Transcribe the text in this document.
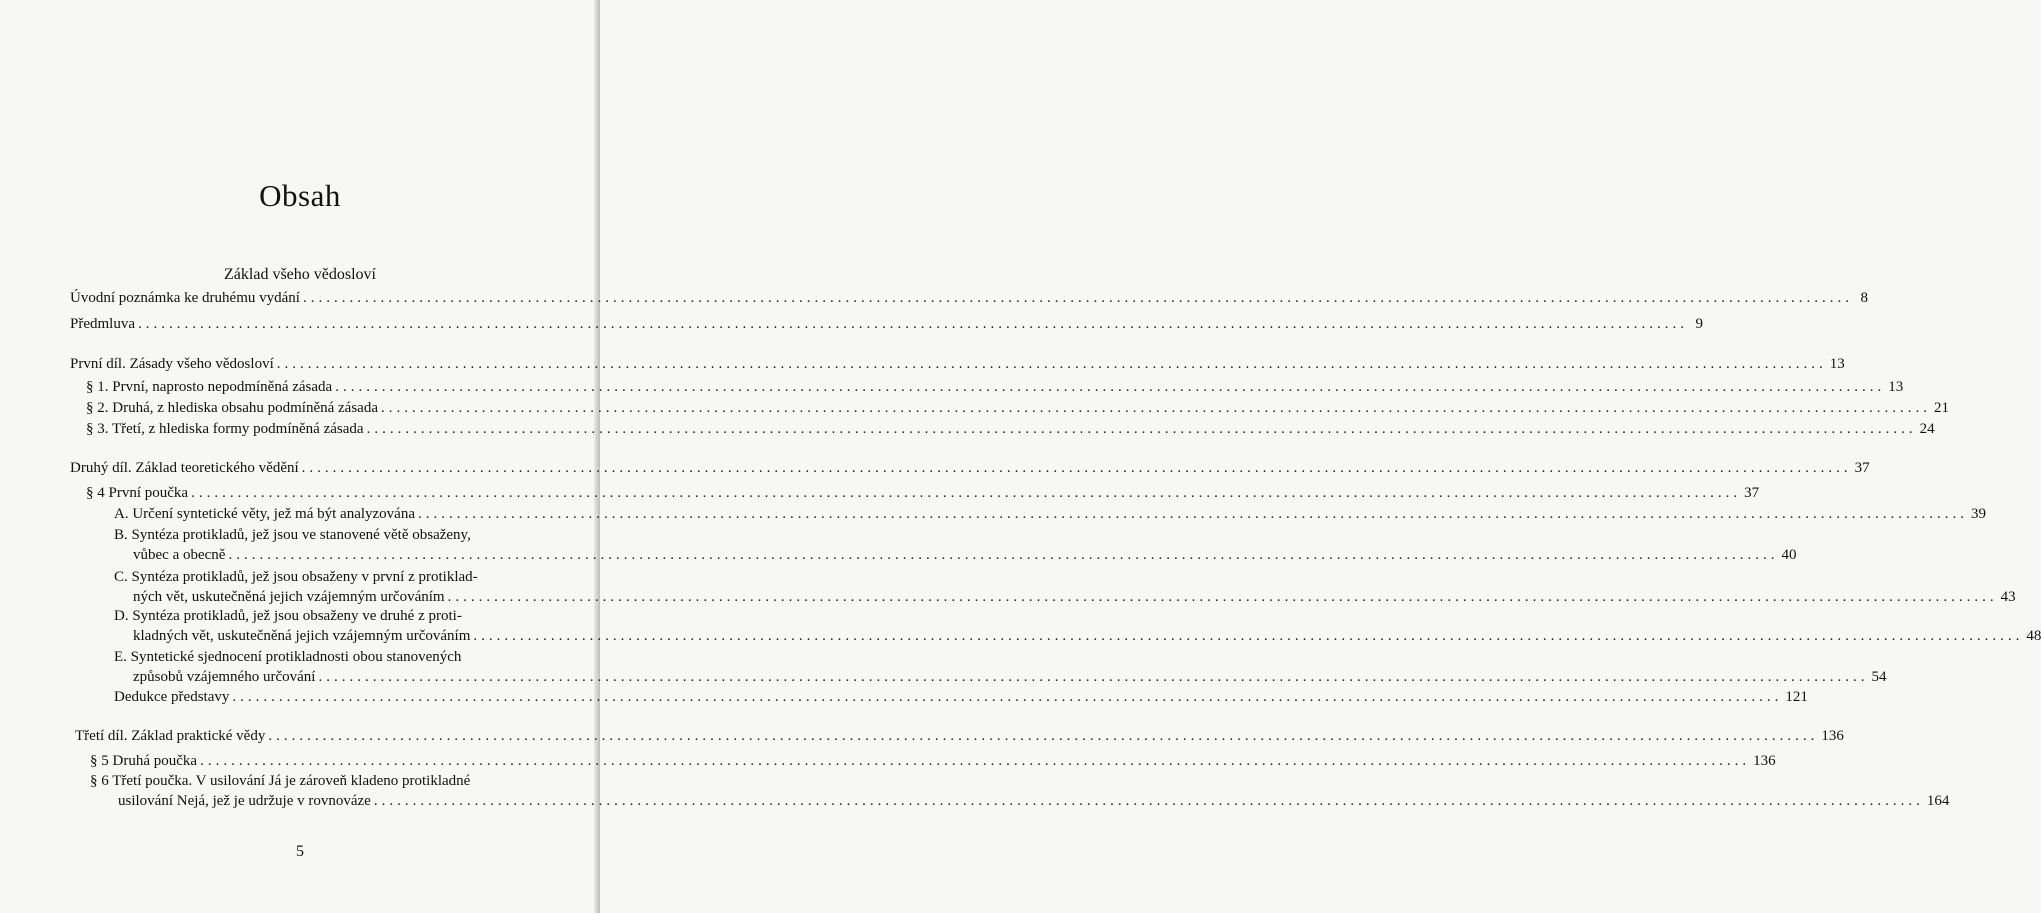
Obsah
Základ všeho vědosloví
Úvodní poznámka ke druhému vydání ........................................................................................................................................................................................................ 8
Předmluva ........................................................................................................................................................................................................ 9
První díl. Zásady všeho vědosloví ........................................................................................................................................................................................................ 13
§ 1. První, naprosto nepodmíněná zásada ........................................................................................................................................................................................................ 13
§ 2. Druhá, z hlediska obsahu podmíněná zásada ........................................................................................................................................................................................................ 21
§ 3. Třetí, z hlediska formy podmíněná zásada ........................................................................................................................................................................................................ 24
Druhý díl. Základ teoretického vědění ........................................................................................................................................................................................................ 37
§ 4 První poučka ........................................................................................................................................................................................................ 37
A. Určení syntetické věty, jež má být analyzována ........................................................................................................................................................................................................ 39
B. Syntéza protikladů, jež jsou ve stanovené větě obsaženy,
vůbec a obecně ........................................................................................................................................................................................................ 40
C. Syntéza protikladů, jež jsou obsaženy v první z protiklad-
ných vět, uskutečněná jejich vzájemným určováním ........................................................................................................................................................................................................ 43
D. Syntéza protikladů, jež jsou obsaženy ve druhé z proti-
kladných vět, uskutečněná jejich vzájemným určováním ........................................................................................................................................................................................................ 48
E. Syntetické sjednocení protikladnosti obou stanovených
způsobů vzájemného určování ........................................................................................................................................................................................................ 54
Dedukce představy ........................................................................................................................................................................................................ 121
Třetí díl. Základ praktické vědy ........................................................................................................................................................................................................ 136
§ 5 Druhá poučka ........................................................................................................................................................................................................ 136
§ 6 Třetí poučka. V usilování Já je zároveň kladeno protikladné
usilování Nejá, jež je udržuje v rovnováze ........................................................................................................................................................................................................ 164
5
